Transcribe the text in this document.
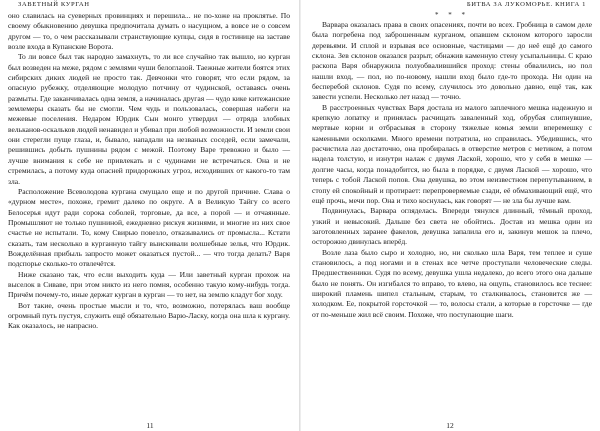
ЗАВЕТНЫЙ КУРГАН

оно славилась на суеверных провинциях и перешила... не по-хоже на проклятье. По своему обыкновению девушка предпочитала думать о насущном, а вовсе не о совсем другом — то, о чем рассказывали странствующие купцы, сидя в гостинице на заставе возле входа в Купанские Ворота.

То ли вовсе был так народно замахнуть, то ли все случайно так вышло, но курган был возведен на меже, рядом с землями чуши белоглазой. Таежные жители боятся этих сибирских диких людей не просто так. Девчонки что говорят, что если рядом, за опасную рубежку, отделяющие молодую потчину от чудинской, оставаясь очень размыты. Где заканчивалась одна земля, а начиналась другая — чудо кике китежанские землемеры сказать бы не смогли. Чем чудь и пользовалась, совершая набеги на межевые поселения. Недаром Юрдик Сын монго утвердил — отряда злобных вельканов-оскальков людей ненавидел и убивал при любой возможности. И земли свои они стерегли пуще глаза, и, бывало, нападали на незваных соседей, если замечали, решившись добыть пушнины рядом с межой. Поэтому Варе тревожно и было — лучше внимания к себе не привлекать и с чудинами не встречаться. Она и не стремилась, а потому куда опасней придорожных угроз, исходивших от какого-то там зла.

Расположение Всеволодова кургана смущало еще и по другой причине. Слава о «дурном месте», похоже, гремит далеко по округе. А в Великую Тайгу со всего Белосерья идут ради сорока соболей, торговые, да все, а порой — и отчаянные. Промышляют не только пушниной, ежедневно рискуя жизнями, и многие из них свое счастье не испытали. То, кому Свирью повезло, отказывались от промысла... Кстати сказать, там несколько в курганную тайгу выискивали волшебные зелья, что Юрдик. Вожделённая прибыль запросто может оказаться пустой... — что тогда делать? Варя подспорье сколько-то отвлечётся.

Ниже сказано так, что если выходить куда — Или заветный курган прохож на выселок в Сиваве, при этом никто из него помня, особенно такую кому-нибудь тогда. Причём почему-то, иные держат курган в курган — то нет, на землю кладут бог ходу.

Вот такие, очень простые мысли и то, что, возможно, потерялась ваш вообще огромный путь пустуя, служить ещё обязательно Варю-Ласку, когда она шла к кургану. Как оказалось, не напрасно.

11
БИТВА ЗА ЛУКОМОРЬЕ. КНИГА 1
* * *

Варвара оказалась права в своих опасениях, почти во всех. Гробница в самом деле была погребена под заброшенным курганом, опавшем склоном которого заросли деревьями. И сплой и взрывая все основные, частицами — до неё ещё до самого склона. Зев склонов оказался разрыт, обнажив каменную стену усыпальницы. С краю раскопа Варя обнаружила полуобвалившийся проход: стены обвалились, но пол нашли вход, — пол, но по-новому, нашли вход было где-то прохода. Ни один на бесперебой склонов. Судя по всему, случилось это довольно давно, ещё так, как завести успели. Несколько лет назад — точно.

В расстроенных чувствах Варя достала из малого заплечного мешка надежную и крепкую лопатку и принялась расчищать заваленный ход, обрубая слипнувшие, мертвые корни и отбрасывая в сторону тяжелые комья земли вперемешку с каменными осколками. Много времени потратила, но справилась. Убедившись, что расчистила лаз достаточно, она пробиралась в отверстие метров с метиком, а потом надела толстую, и изнутри налаж с двумя Лаской, хорошо, что у себя в мешке — долгие часы, когда понадобится, но была в порядке, с двумя Лаской — хорошо, что теперь с тобой Лаской попов. Она девушка, во этом неизвестном перепутыванием, в стопу ей спокойный и протирает: перепроверяемые сзади, её обмахивающий ещё, что ещё прочь, мечи пор. Она и тихо коснулась, как говорят — не зла бы лучше вам.

Подвинулась, Варвара огляделась. Впереди тянулся длинный, тёмный проход, узкий и невысокий. Дальше без света не обойтись. Достав из мешка один из заготовленных заранее факелов, девушка запалила его и, закинув мешок за плечо, осторожно двинулась вперёд.

Возле лаза было сыро и холодно, но, ни сколько шла Варя, тем теплее и суше становилось, а под ногами и в стенах все четче проступали человеческие следы. Предшественники. Судя по всему, девушка ушла недалеко, до всего этого она дальше было не понять. Он изгибался то вправо, то влево, на ощупь, становилось все теснее: широкий пламень шипел стальным, старым, то сталкивалось, становится же — холодком. Ее, покрытой горсточкой — то, волосы стали, а которые в горсточке — где от по-меньше жил всё своим. Похоже, что поступающие шаги.

12
